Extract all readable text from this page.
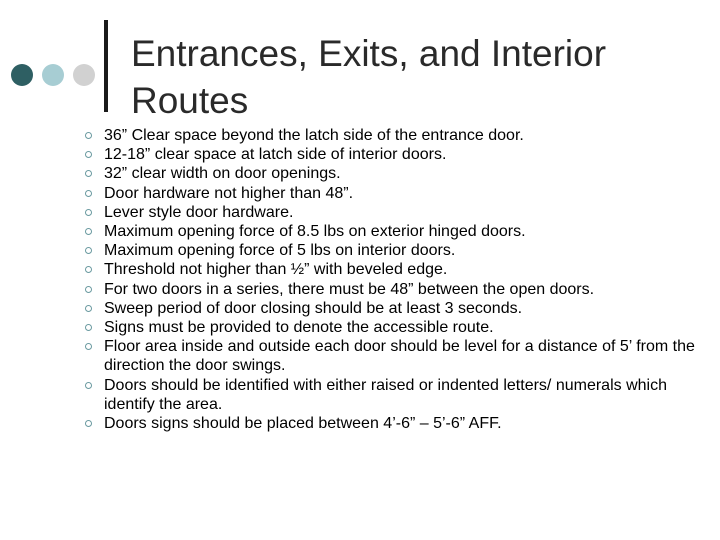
Entrances, Exits, and Interior Routes
36” Clear space beyond the latch side of the entrance door.
12-18” clear space at latch side of interior doors.
32” clear width on door openings.
Door hardware not higher than 48”.
Lever style door hardware.
Maximum opening force of 8.5 lbs on exterior hinged doors.
Maximum opening force of 5 lbs on interior doors.
Threshold not higher than ½” with beveled edge.
For two doors in a series, there must be 48” between the open doors.
Sweep period of door closing should be at least 3 seconds.
Signs must be provided to denote the accessible route.
Floor area inside and outside each door should be level for a distance of 5’ from the direction the door swings.
Doors should be identified with either raised or indented letters/ numerals which identify the area.
Doors signs should be placed between 4’-6” – 5’-6” AFF.
